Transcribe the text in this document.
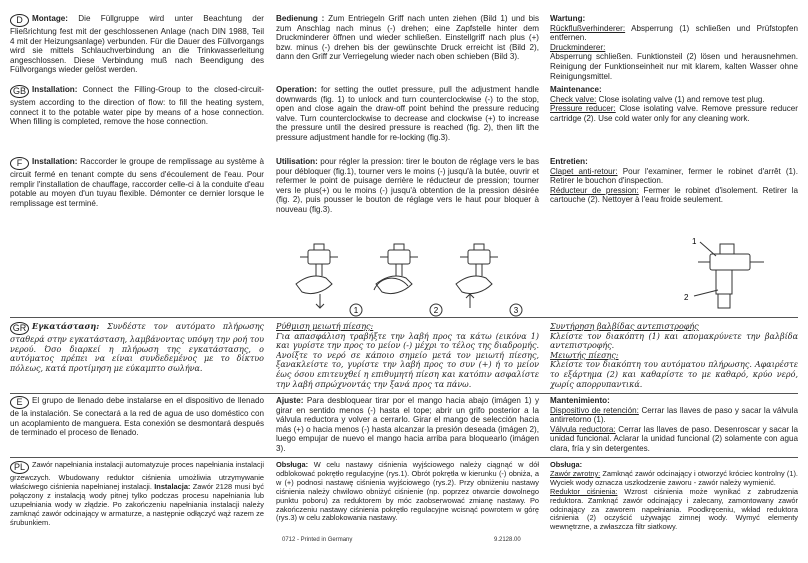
D Montage: Die Füllgruppe wird unter Beachtung der Fließrichtung fest mit der geschlossenen Anlage (nach DIN 1988, Teil 4 mit der Heizungsanlage) verbunden. Für die Dauer des Füllvorgangs wird sie mittels Schlauchverbindung an die Trinkwasserleitung angeschlossen. Diese Verbindung muß nach Beendigung des Füllvorgangs wieder gelöst werden.
Bedienung : Zum Entriegeln Griff nach unten ziehen (Bild 1) und bis zum Anschlag nach minus (-) drehen; eine Zapfstelle hinter dem Druckminderer öffnen und wieder schließen. Einstellgriff nach plus (+) bzw. minus (-) drehen bis der gewünschte Druck erreicht ist (Bild 2), dann den Griff zur Verriegelung wieder nach oben schieben (Bild 3).
Wartung:
Rückflußverhinderer: Absperrung (1) schließen und Prüfstopfen entfernen.
Druckminderer:
Absperrung schließen. Funktionsteil (2) lösen und herausnehmen. Reinigung der Funktionseinheit nur mit klarem, kalten Wasser ohne Reinigungsmittel.
GB Installation: Connect the Filling-Group to the closed-circuit-system according to the direction of flow: to fill the heating system, connect it to the potable water pipe by means of a hose connection. When filling is completed, remove the hose connection.
Operation: for setting the outlet pressure, pull the adjustment handle downwards (fig. 1) to unlock and turn counterclockwise (-) to the stop, open and close again the draw-off point behind the pressure reducing valve. Turn counterclockwise to decrease and clockwise (+) to increase the pressure until the desired pressure is reached (fig. 2), then lift the pressure adjustment handle for re-locking (fig.3).
Maintenance:
Check valve: Close isolating valve (1) and remove test plug.
Pressure reducer: Close isolating valve. Remove pressure reducer cartridge (2). Use cold water only for any cleaning work.
F Installation: Raccorder le groupe de remplissage au système à circuit fermé en tenant compte du sens d'écoulement de l'eau. Pour remplir l'installation de chauffage, raccorder celle-ci à la conduite d'eau potable au moyen d'un tuyau flexible. Démonter ce dernier lorsque le remplissage est terminé.
Utilisation: pour régler la pression: tirer le bouton de réglage vers le bas pour débloquer (fig.1), tourner vers le moins (-) jusqu'à la butée, ouvrir et refermer le point de puisage derrière le réducteur de pression; tourner vers le plus(+) ou le moins (-) jusqu'à obtention de la pression désirée (fig. 2), puis pousser le bouton de réglage vers le haut pour bloquer à nouveau (fig.3).
Entretien:
Clapet anti-retour: Pour l'examiner, fermer le robinet d'arrêt (1). Retirer le bouchon d'inspection.
Réducteur de pression: Fermer le robinet d'isolement. Retirer la cartouche (2). Nettoyer à l'eau froide seulement.
1	2	3
1
2
GR Εγκατάσταση: Συνδέστε τον αυτόματο πλήρωσης σταθερά στην εγκατάσταση, λαμβάνοντας υπόψη την ροή του νερού. Όσο διαρκεί η πλήρωση της εγκατάστασης, ο αυτόματος πρέπει να είναι συνδεδεμένος με το δίκτυο πόλεως, κατά προτίμηση με εύκαμπτο σωλήνα.
Ρύθμιση μειωτή πίεσης:
Για απασφάλιση τραβήξτε την λαβή προς τα κάτω (εικόνα 1) και γυρίστε την προς το μείον (-) μέχρι το τέλος της διαδρομής. Ανοίξτε το νερό σε κάποιο σημείο μετά τον μειωτή πίεσης, ξανακλείστε το, γυρίστε την λαβή προς το συν (+) ή το μείον έως όσου επιτευχθεί η επιθυμητή πίεση και κατόπιν ασφαλίστε την λαβή σπρώχνοντάς την ξανά προς τα πάνω.
Συντήρηση βαλβίδας αντεπιστροφής
Κλείστε τον διακόπτη (1) και απομακρύνετε την βαλβίδα αντεπιστροφής.
Μειωτής πίεσης:
Κλείστε τον διακόπτη του αυτόματου πλήρωσης. Αφαιρέστε το εξάρτημα (2) και καθαρίστε το με καθαρό, κρύο νερό, χωρίς απορρυπαντικά.
E El grupo de llenado debe instalarse en el dispositivo de llenado de la instalación. Se conectará a la red de agua de uso doméstico con un acoplamiento de manguera. Esta conexión se desmontará después de terminado el proceso de llenado.
Ajuste: Para desbloquear tirar por el mango hacia abajo (imágen 1) y girar en sentido menos (-) hasta el tope; abrir un grifo posterior a la válvula reductora y volver a cerrarlo. Girar el mango de selección hacia más (+) o hacia menos (-) hasta alcanzar la presión deseada (imágen 2), luego empujar de nuevo el mango hacia arriba para bloquearlo (imágen 3).
Mantenimiento:
Dispositivo de retención: Cerrar las llaves de paso y sacar la válvula antirretorno (1).
Válvula reductora: Cerrar las llaves de paso. Desenroscar y sacar la unidad funcional. Aclarar la unidad funcional (2) solamente con agua clara, fría y sin detergentes.
PL Zawór napełniania instalacji automatyzuje proces napełniania instalacji grzewczych. Wbudowany reduktor ciśnienia umożliwia utrzymywanie właściwego ciśnienia napełnianej instalacji. Instalacja: Zawór 2128 musi być połączony z instalacją wody pitnej tylko podczas procesu napełniania lub uzupełniania wody w złądzie. Po zakończeniu napełniania instalacji należy zamknąć zawór odcinający w armaturze, a następnie odłączyć wąż razem ze śrubunkiem.
Obsługa: W celu nastawy ciśnienia wyjściowego należy ciągnąć w dół odblokować pokrętło regulacyjne (rys.1). Obrót pokrętła w kierunku (-) obniża, a w (+) podnosi nastawę ciśnienia wyjściowego (rys.2). Przy obniżeniu nastawy ciśnienia należy chwilowo obniżyć ciśnienie (np. poprzez otwarcie dowolnego punktu poboru) za reduktorem by móc zaobserwować zmianę nastawy. Po zakończeniu nastawy ciśnienia pokrętło regulacyjne wcisnąć powrotem w górę (rys.3) w celu zablokowania nastawy.
Obsługa:
Zawór zwrotny: Zamknąć zawór odcinający i otworzyć króciec kontrolny (1). Wyciek wody oznacza uszkodzenie zaworu - zawór należy wymienić.
Reduktor ciśnienia: Wzrost ciśnienia może wynikać z zabrudzenia reduktora. Zamknąć zawór odcinający i zalecany, zamontowany zawór odcinający za zaworem napełniania. Poodkręceniu, wkład reduktora ciśnienia (2) oczyścić używając zimnej wody. Wymyć elementy wewnętrzne, a zwłaszcza filtr siatkowy.
0712 - Printed in Germany	9.2128.00
